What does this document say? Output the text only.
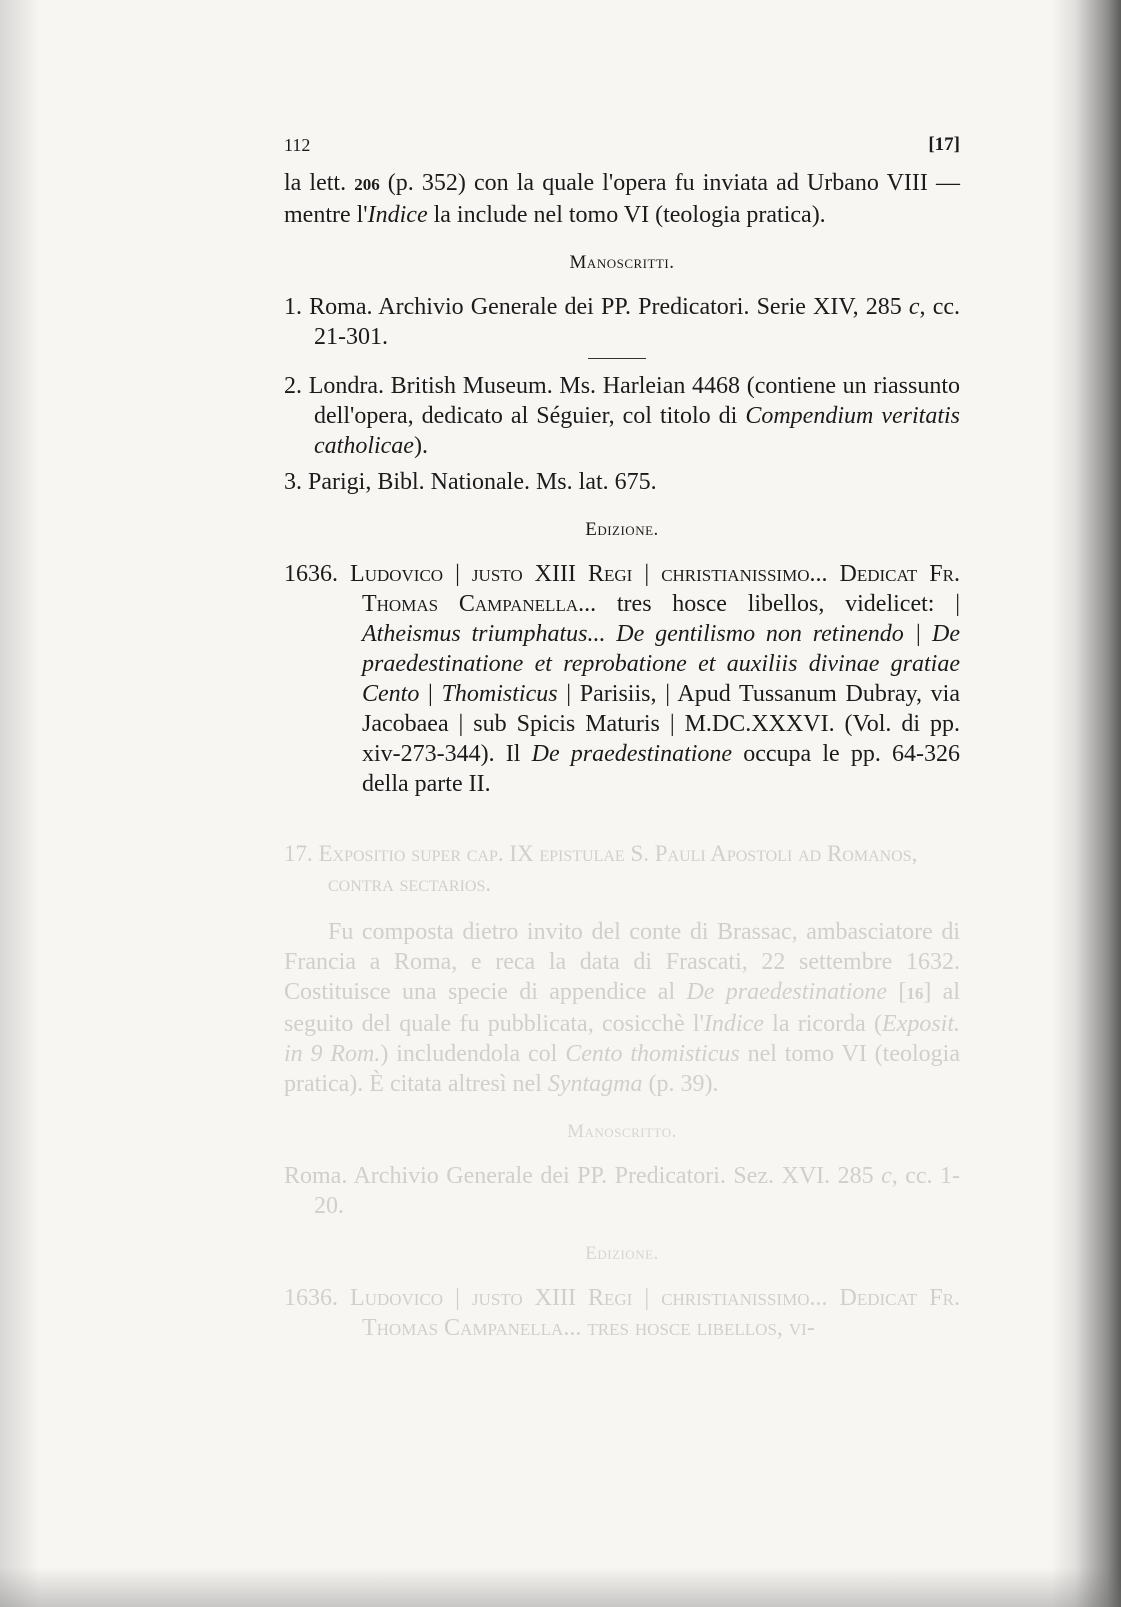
112	[17]

la lett. 206 (p. 352) con la quale l'opera fu inviata ad Urbano VIII — mentre l'Indice la include nel tomo VI (teologia pratica).

Manoscritti.

1. Roma. Archivio Generale dei PP. Predicatori. Serie XIV, 285 c, cc. 21-301.

2. Londra. British Museum. Ms. Harleian 4468 (contiene un riassunto dell'opera, dedicato al Séguier, col titolo di Compendium veritatis catholicae).

3. Parigi, Bibl. Nationale. Ms. lat. 675.

Edizione.

1636. Ludovico | justo XIII Regi | christianissimo... Dedicat Fr. Thomas Campanella... tres hosce libellos, videlicet: | Atheismus triumphatus... De gentilismo non retinendo | De praedestinatione et reprobatione et auxiliis divinae gratiae Cento | Thomisticus | Parisiis, | Apud Tussanum Dubray, via Jacobaea | sub Spicis Maturis | M.DC.XXXVI. (Vol. di pp. xiv-273-344). Il De praedestinatione occupa le pp. 64-326 della parte II.

17. Expositio super cap. IX epistulae S. Pauli Apostoli ad Romanos, contra sectarios.

Fu composta dietro invito del conte di Brassac, ambasciatore di Francia a Roma, e reca la data di Frascati, 22 settembre 1632. Costituisce una specie di appendice al De praedestinatione [16] al seguito del quale fu pubblicata, cosicchè l'Indice la ricorda (Exposit. in 9 Rom.) includendola col Cento thomisticus nel tomo VI (teologia pratica). È citata altresì nel Syntagma (p. 39).

Manoscritto.

Roma. Archivio Generale dei PP. Predicatori. Sez. XVI. 285 c, cc. 1-20.

Edizione.

1636. Ludovico | justo XIII Regi | christianissimo... Dedicat Fr. Thomas Campanella... tres hosce libellos, vi-
